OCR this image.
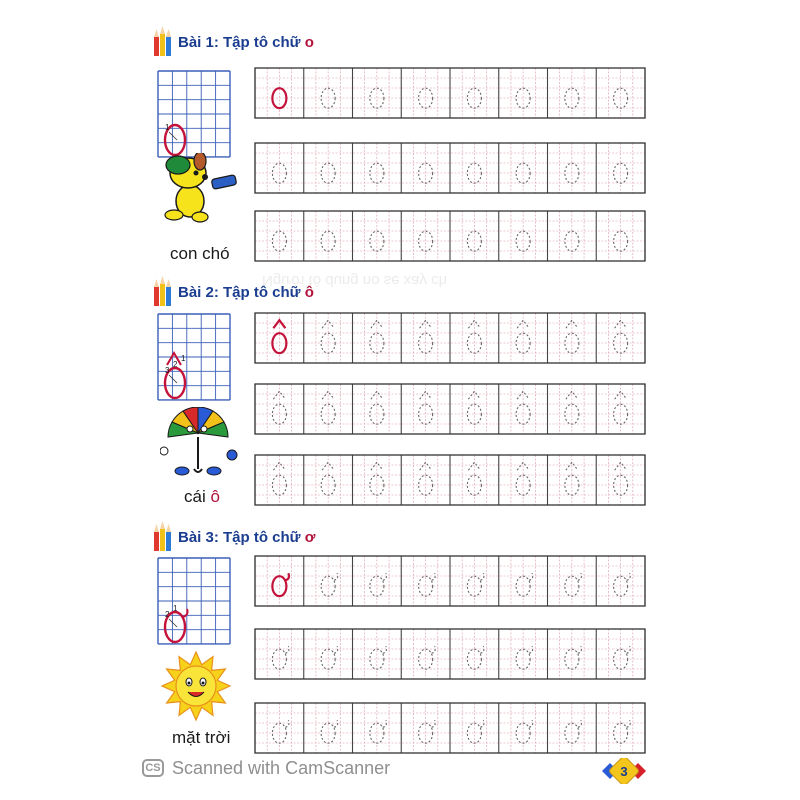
Người tô dung no se xay ch
Bài 1: Tập tô chữ o
1
con chó
Bài 2: Tập tô chữ ô
3
2
1
cái ô
Bài 3: Tập tô chữ ơ
2
1
mặt trời
CS Scanned with CamScanner	3
